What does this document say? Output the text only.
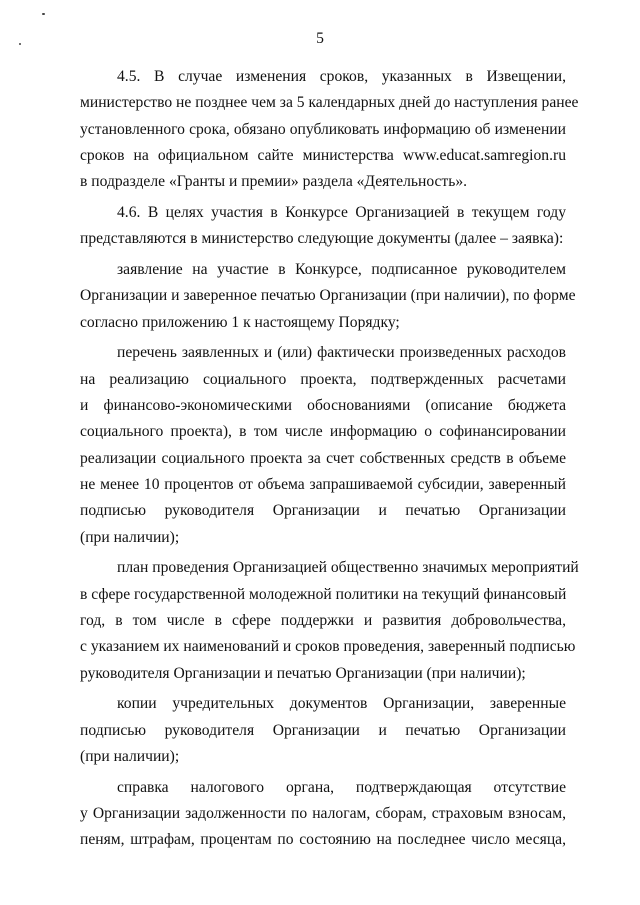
5
4.5. В случае изменения сроков, указанных в Извещении,
министерство не позднее чем за 5 календарных дней до наступления ранее
установленного срока, обязано опубликовать информацию об изменении
сроков на официальном сайте министерства www.educat.samregion.ru
в подразделе «Гранты и премии» раздела «Деятельность».
4.6. В целях участия в Конкурсе Организацией в текущем году
представляются в министерство следующие документы (далее – заявка):
заявление на участие в Конкурсе, подписанное руководителем
Организации и заверенное печатью Организации (при наличии), по форме
согласно приложению 1 к настоящему Порядку;
перечень заявленных и (или) фактически произведенных расходов
на реализацию социального проекта, подтвержденных расчетами
и финансово-экономическими обоснованиями (описание бюджета
социального проекта), в том числе информацию о софинансировании
реализации социального проекта за счет собственных средств в объеме
не менее 10 процентов от объема запрашиваемой субсидии, заверенный
подписью руководителя Организации и печатью Организации
(при наличии);
план проведения Организацией общественно значимых мероприятий
в сфере государственной молодежной политики на текущий финансовый
год, в том числе в сфере поддержки и развития добровольчества,
с указанием их наименований и сроков проведения, заверенный подписью
руководителя Организации и печатью Организации (при наличии);
копии учредительных документов Организации, заверенные
подписью руководителя Организации и печатью Организации
(при наличии);
справка налогового органа, подтверждающая отсутствие
у Организации задолженности по налогам, сборам, страховым взносам,
пеням, штрафам, процентам по состоянию на последнее число месяца,
